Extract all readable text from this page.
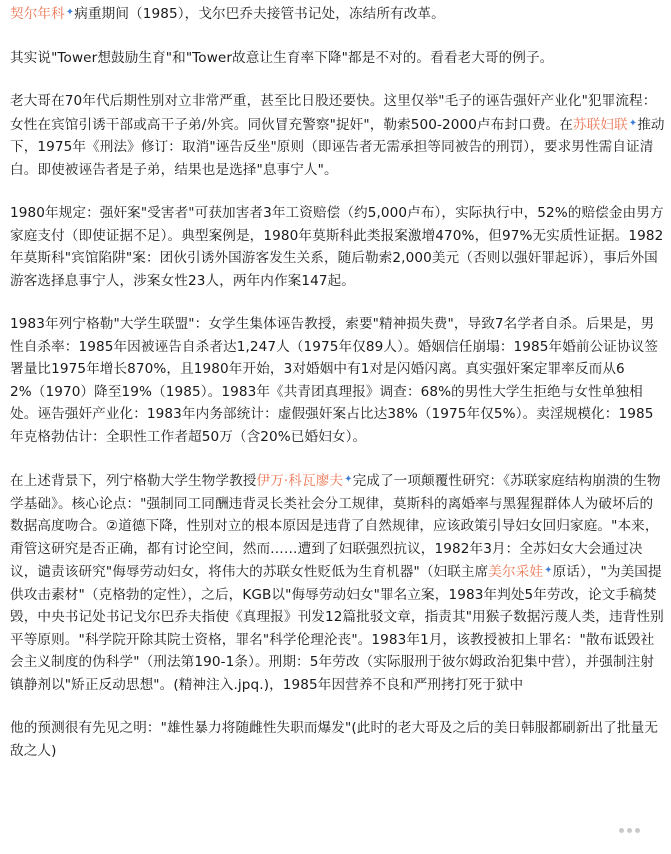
契尔年科✦病重期间（1985），戈尔巴乔夫接管书记处，冻结所有改革。

其实说"Tower想鼓励生育"和"Tower故意让生育率下降"都是不对的。看看老大哥的例子。

老大哥在70年代后期性别对立非常严重，甚至比日股还要快。这里仅举"毛子的诬告强奸产业化"犯罪流程：女性在宾馆引诱干部或高干子弟/外宾。同伙冒充警察"捉奸"，勒索500-2000卢布封口费。在苏联妇联✦推动下，1975年《刑法》修订：取消"诬告反坐"原则（即诬告者无需承担等同被告的刑罚），要求男性需自证清白。即使被诬告者是子弟，结果也是选择"息事宁人"。

1980年规定：强奸案"受害者"可获加害者3年工资赔偿（约5,000卢布），实际执行中，52%的赔偿金由男方家庭支付（即使证据不足）。典型案例是，1980年莫斯科此类报案激增470%，但97%无实质性证据。1982年莫斯科"宾馆陷阱"案：团伙引诱外国游客发生关系，随后勒索2,000美元（否则以强奸罪起诉），事后外国游客选择息事宁人，涉案女性23人，两年内作案147起。

1983年列宁格勒"大学生联盟"：女学生集体诬告教授，索要"精神损失费"，导致7名学者自杀。后果是，男性自杀率：1985年因被诬告自杀者达1,247人（1975年仅89人）。婚姻信任崩塌：1985年婚前公证协议签署量比1975年增长870%，且1980年开始，3对婚姻中有1对是闪婚闪离。真实强奸案定罪率反而从62%（1970）降至19%（1985）。1983年《共青团真理报》调查：68%的男性大学生拒绝与女性单独相处。诬告强奸产业化：1983年内务部统计：虚假强奸案占比达38%（1975年仅5%）。卖淫规模化：1985年克格勃估计：全职性工作者超50万（含20%已婚妇女）。

在上述背景下，列宁格勒大学生物学教授伊万·科瓦廖夫✦完成了一项颠覆性研究：《苏联家庭结构崩溃的生物学基础》。核心论点："强制同工同酬违背灵长类社会分工规律，莫斯科的离婚率与黑猩猩群体人为破坏后的数据高度吻合。②道德下降，性别对立的根本原因是违背了自然规律，应该政策引导妇女回归家庭。"本来，甭管这研究是否正确，都有讨论空间，然而……遭到了妇联强烈抗议，1982年3月：全苏妇女大会通过决议，谴责该研究"侮辱劳动妇女，将伟大的苏联女性贬低为生育机器"（妇联主席美尔采娃✦原话），"为美国提供攻击素材"（克格勃的定性），之后，KGB以"侮辱劳动妇女"罪名立案，1983年判处5年劳改，论文手稿焚毁，中央书记处书记戈尔巴乔夫指使《真理报》刊发12篇批驳文章，指责其"用猴子数据污蔑人类，违背性别平等原则。"科学院开除其院士资格，罪名"科学伦理沦丧"。1983年1月，该教授被扣上罪名："散布诋毁社会主义制度的伪科学"（刑法第190-1条）。刑期：5年劳改（实际服刑于彼尔姆政治犯集中营），并强制注射镇静剂以"矫正反动思想"。(精神注入.jpq.)，1985年因营养不良和严刑拷打死于狱中

他的预测很有先见之明："雄性暴力将随雌性失职而爆发"(此时的老大哥及之后的美日韩服都刷新出了批量无敌之人)
